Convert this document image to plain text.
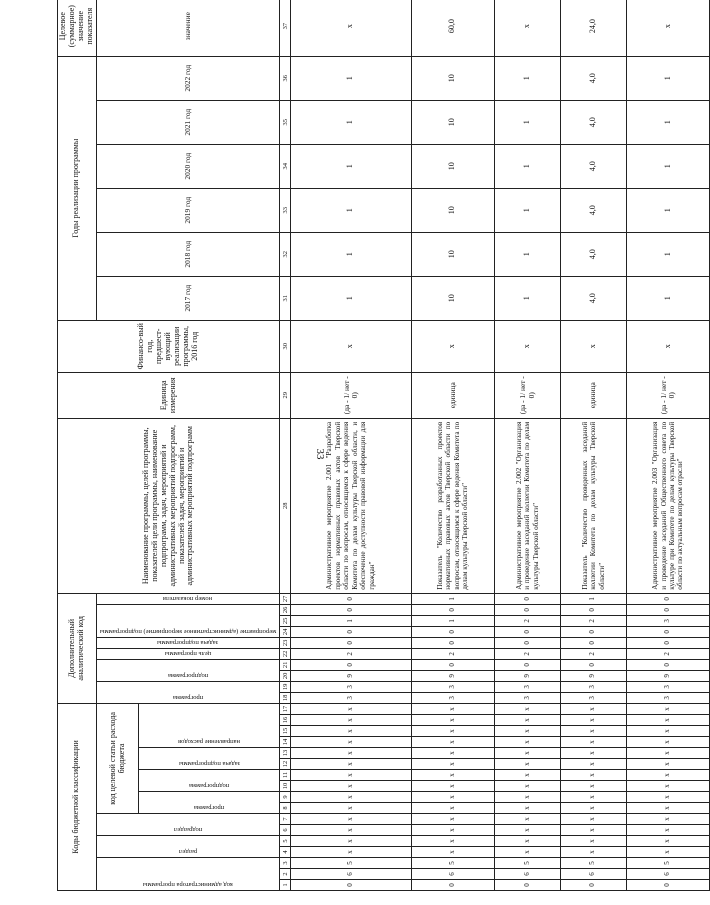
33
Коды бюджетной классификации																	Дополнительный аналитический код										Наименование программы, целей программы, показателей цели программы, наименование подпрограмм, задач, мероприятий и административных мероприятий подпрограмм, показателей задач, мероприятий и административных мероприятий подпрограмм	Единица измерения	Финансо-вый год, предшест-вующий реализации программы, 2016 год	Годы реализации программы						Целевое (суммарное) значение показателя

код администратора программы			раздел		подраздел		код целевой статьи расхода бюджета										программа		подпрограмма		цель программы	задача подпрограммы	мероприятие (административное мероприятие) подпрограммы			номер показателя				2017 год	2018 год	2019 год	2020 год	2021 год	2022 год	значение

							программа		подпрограмма		задача подпрограммы		направление расходов																							

1	2	3	4	5	6	7	8	9	10	11	12	13	14	15	16	17	18	19	20	21	22	23	24	25	26	27	28	29	30	31	32	33	34	35	36	37
0	6	5	х	х	х	х	х	х	х	х	х	х	х	х	х	х	3	3	9	0	2	0	0	1	0	0	Административное мероприятие 2.001 "Разработка проектов нормативных правовых актов Тверской области по вопросам, относящимся к сфере ведения Комитета по делам культуры Тверской области, и обеспечение доступности правовой информации для граждан"	(да - 1/ нет - 0)	х	1	1	1	1	1	1	х
0	6	5	х	х	х	х	х	х	х	х	х	х	х	х	х	х	3	3	9	0	2	0	0	1	0	1	Показатель "Количество разработанных проектов нормативных правовых актов Тверской области по вопросам, относящимся к сфере ведения Комитета по делам культуры Тверской области"	единица	х	10	10	10	10	10	10	60,0
0	6	5	х	х	х	х	х	х	х	х	х	х	х	х	х	х	3	3	9	0	2	0	0	2	0	0	Административное мероприятие 2.002 "Организация и проведение заседаний коллегии Комитета по делам культуры Тверской области"	(да - 1/ нет - 0)	х	1	1	1	1	1	1	х
0	6	5	х	х	х	х	х	х	х	х	х	х	х	х	х	х	3	3	9	0	2	0	0	2	0	1	Показатель "Количество проведенных заседаний коллегии Комитета по делам культуры Тверской области"	единица	х	4,0	4,0	4,0	4,0	4,0	4,0	24,0
0	6	5	х	х	х	х	х	х	х	х	х	х	х	х	х	х	3	3	9	0	2	0	0	3	0	0	Административное мероприятие 2.003 "Организация и проведение заседаний Общественного совета по культуре при Комитете по делам культуры Тверской области по актуальным вопросам отрасли"	(да - 1/ нет - 0)	х	1	1	1	1	1	1	х
